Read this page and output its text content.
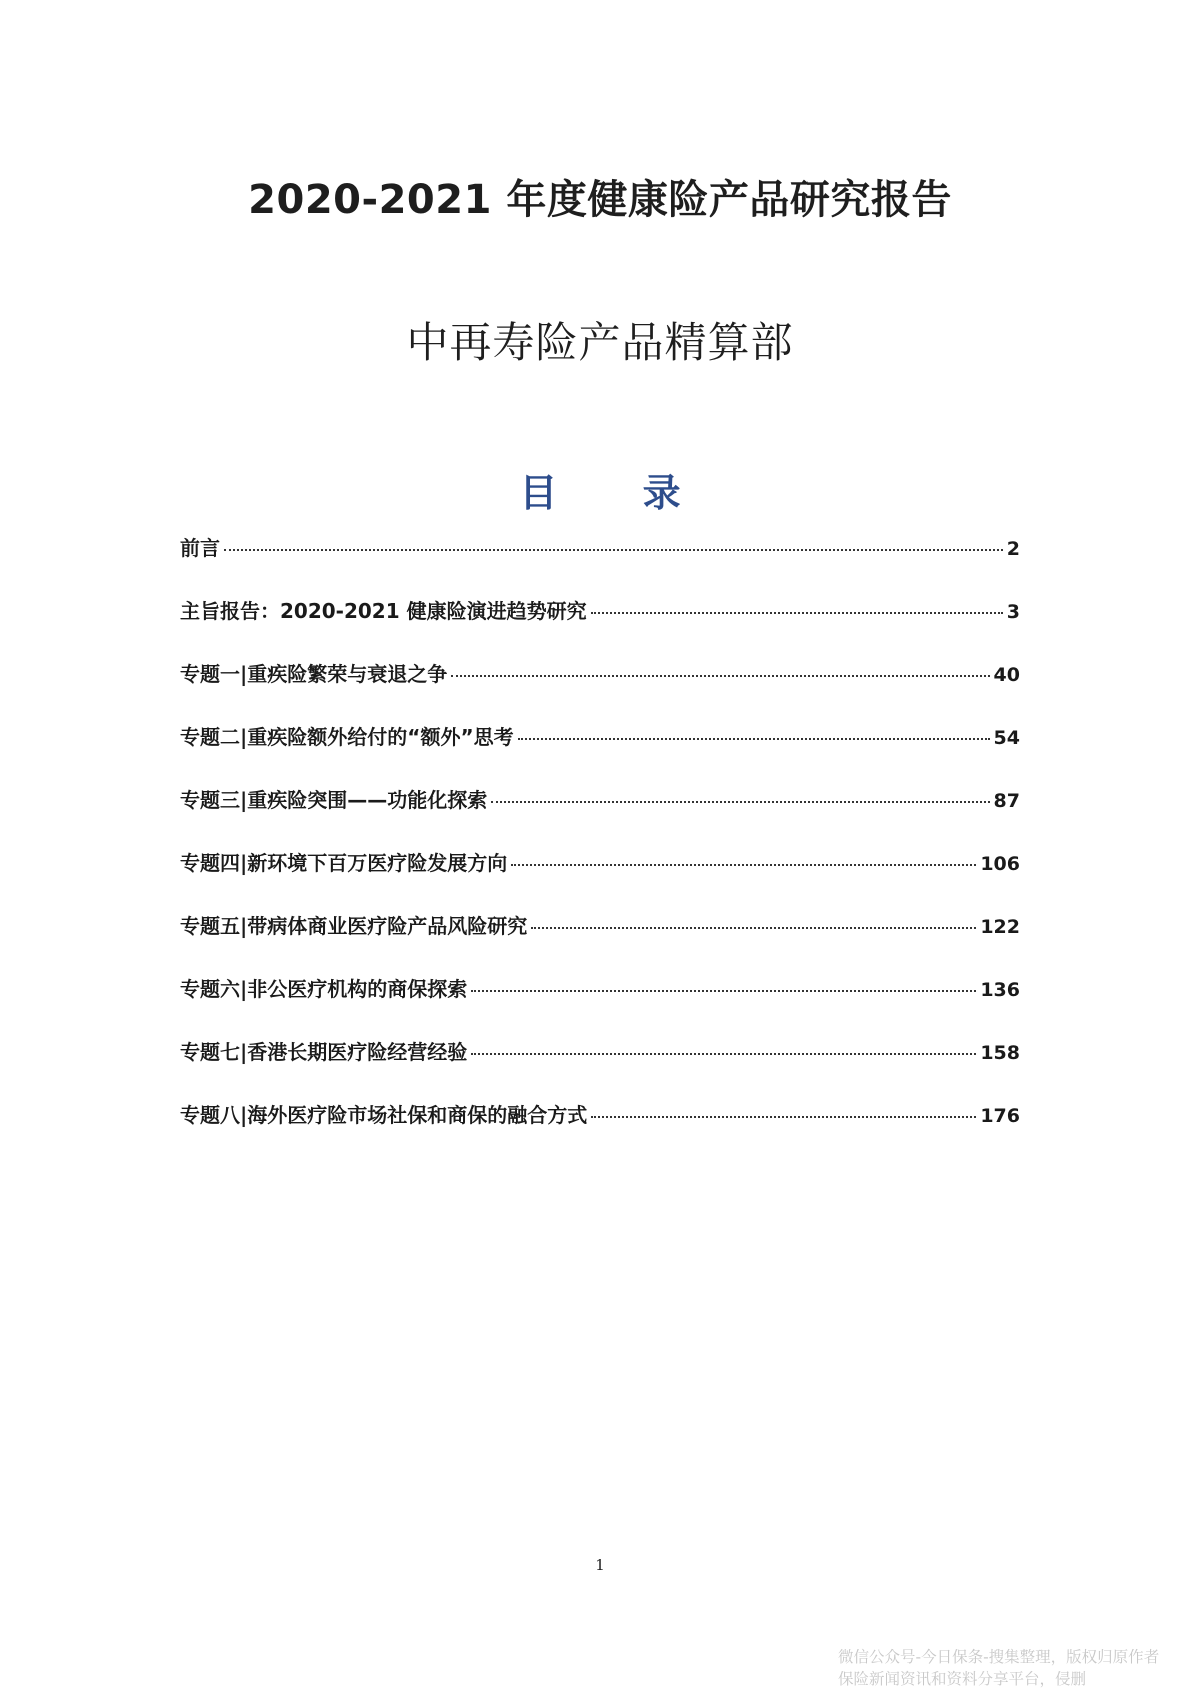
2020-2021 年度健康险产品研究报告
中再寿险产品精算部
目 录
前言	2
主旨报告：2020-2021 健康险演进趋势研究	3
专题一|重疾险繁荣与衰退之争	40
专题二|重疾险额外给付的“额外”思考	54
专题三|重疾险突围——功能化探索	87
专题四|新环境下百万医疗险发展方向	106
专题五|带病体商业医疗险产品风险研究	122
专题六|非公医疗机构的商保探索	136
专题七|香港长期医疗险经营经验	158
专题八|海外医疗险市场社保和商保的融合方式	176
1
微信公众号-今日保条-搜集整理，版权归原作者
保险新闻资讯和资料分享平台，侵删
